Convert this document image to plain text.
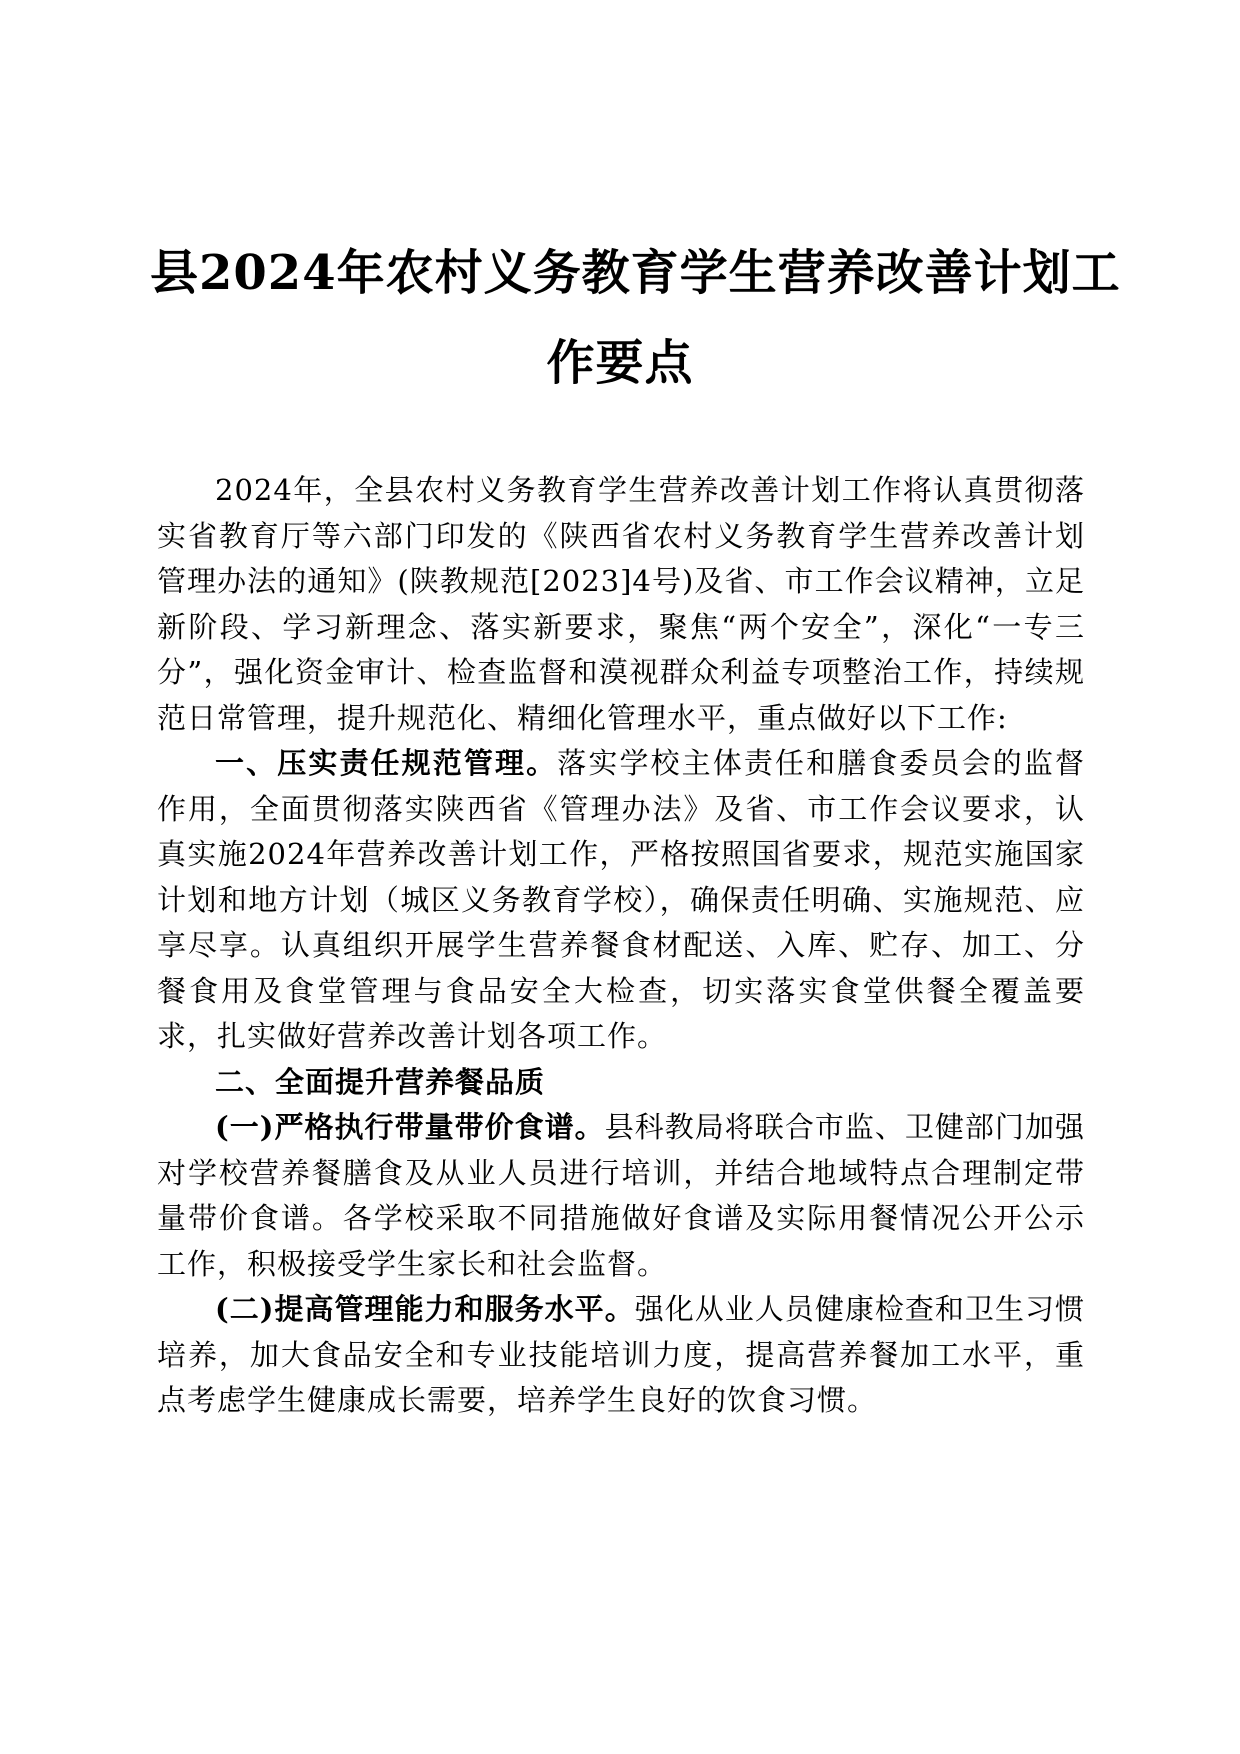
县2024年农村义务教育学生营养改善计划工
作要点

2024年，全县农村义务教育学生营养改善计划工作将认真贯彻落实省教育厅等六部门印发的《陕西省农村义务教育学生营养改善计划管理办法的通知》(陕教规范[2023]4号)及省、市工作会议精神，立足新阶段、学习新理念、落实新要求，聚焦“两个安全”，深化“一专三分”，强化资金审计、检查监督和漠视群众利益专项整治工作，持续规范日常管理，提升规范化、精细化管理水平，重点做好以下工作:

一、压实责任规范管理。落实学校主体责任和膳食委员会的监督作用，全面贯彻落实陕西省《管理办法》及省、市工作会议要求，认真实施2024年营养改善计划工作，严格按照国省要求，规范实施国家计划和地方计划（城区义务教育学校），确保责任明确、实施规范、应享尽享。认真组织开展学生营养餐食材配送、入库、贮存、加工、分餐食用及食堂管理与食品安全大检查，切实落实食堂供餐全覆盖要求，扎实做好营养改善计划各项工作。

二、全面提升营养餐品质

(一)严格执行带量带价食谱。县科教局将联合市监、卫健部门加强对学校营养餐膳食及从业人员进行培训，并结合地域特点合理制定带量带价食谱。各学校采取不同措施做好食谱及实际用餐情况公开公示工作，积极接受学生家长和社会监督。

(二)提高管理能力和服务水平。强化从业人员健康检查和卫生习惯培养，加大食品安全和专业技能培训力度，提高营养餐加工水平，重点考虑学生健康成长需要，培养学生良好的饮食习惯。
